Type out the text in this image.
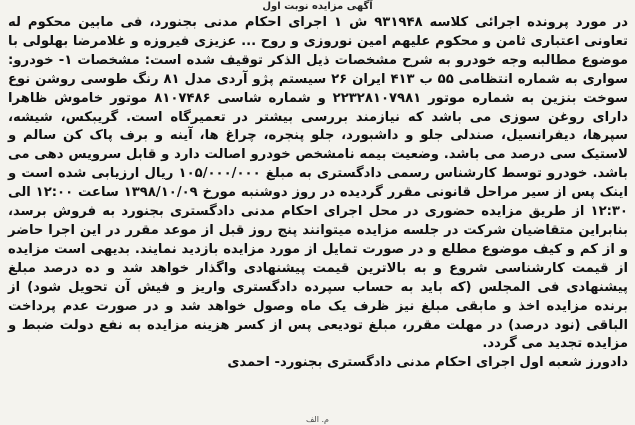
آگهی مزایده نوبت اول

در مورد پرونده اجرائی کلاسه ۹۳۱۹۴۸ ش ۱ اجرای احکام مدنی بجنورد، فی مابین محکوم له تعاونی اعتباری ثامن و محکوم علیهم امین نوروزی و روح ... عزیزی فیروزه و غلامرضا بهلولی با موضوع مطالبه وجه خودرو به شرح مشخصات ذیل الذکر توقیف شده است: مشخصات ۱- خودرو: سواری به شماره انتظامی ۵۵ ب ۴۱۳ ایران ۲۶ سیستم پژو آردی مدل ۸۱ رنگ طوسی روشن نوع سوخت بنزین به شماره موتور ۲۲۳۲۸۱۰۷۹۸۱ و شماره شاسی ۸۱۰۷۴۸۶ موتور خاموش ظاهرا دارای روغن سوزی می باشد که نیازمند بررسی بیشتر در تعمیرگاه است. گریبکس، شیشه، سپرها، دیفرانسیل، صندلی جلو و داشبورد، جلو پنجره، چراغ ها، آینه و برف پاک کن سالم و لاستیک سی درصد می باشد. وضعیت بیمه نامشخص خودرو اصالت دارد و قابل سرویس دهی می باشد. خودرو توسط کارشناس رسمی دادگستری به مبلغ ۱۰۵/۰۰۰/۰۰۰ ریال ارزیابی شده است و اینک پس از سیر مراحل قانونی مقرر گردیده در روز دوشنبه مورخ ۱۳۹۸/۱۰/۰۹ ساعت ۱۲:۰۰ الی ۱۲:۳۰ از طریق مزایده حضوری در محل اجرای احکام مدنی دادگستری بجنورد به فروش برسد، بنابراین متقاضیان شرکت در جلسه مزایده میتوانند پنج روز قبل از موعد مقرر در این اجرا حاضر و از کم و کیف موضوع مطلع و در صورت تمایل از مورد مزایده بازدید نمایند. بدیهی است مزایده از قیمت کارشناسی شروع و به بالاترین قیمت پیشنهادی واگذار خواهد شد و ده درصد مبلغ پیشنهادی فی المجلس (که باید به حساب سپرده دادگستری واریز و فیش آن تحویل شود) از برنده مزایده اخذ و مابقی مبلغ نیز ظرف یک ماه وصول خواهد شد و در صورت عدم پرداخت الباقی (نود درصد) در مهلت مقرر، مبلغ تودیعی پس از کسر هزینه مزایده به نفع دولت ضبط و مزایده تجدید می گردد.

دادورز شعبه اول اجرای احکام مدنی دادگستری بجنورد- احمدی

م. الف
